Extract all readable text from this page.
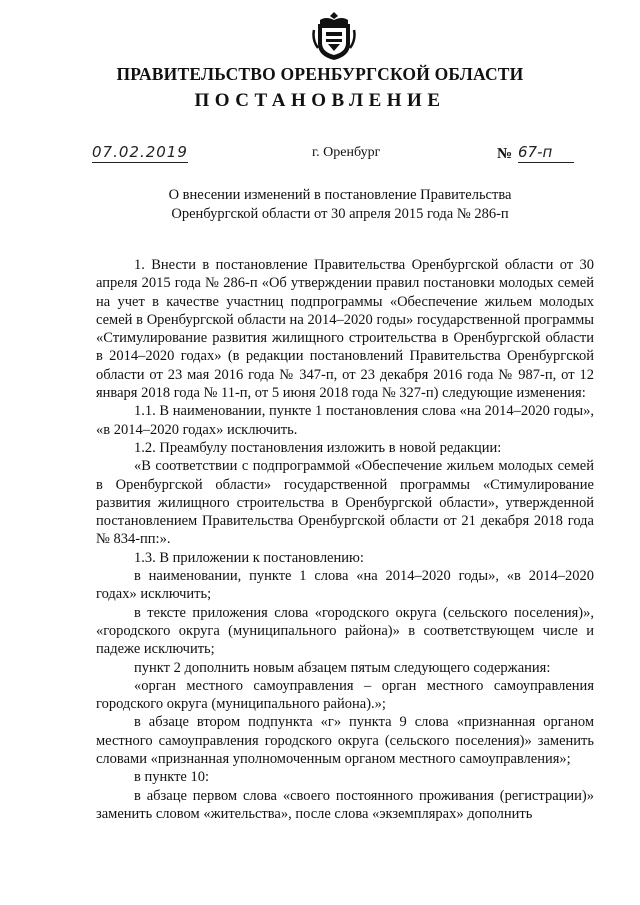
ПРАВИТЕЛЬСТВО ОРЕНБУРГСКОЙ ОБЛАСТИ
ПОСТАНОВЛЕНИЕ
07.02.2019	г. Оренбург	№ 67-п
О внесении изменений в постановление Правительства
Оренбургской области от 30 апреля 2015 года № 286-п

1. Внести в постановление Правительства Оренбургской области от 30 апреля 2015 года № 286-п «Об утверждении правил постановки молодых семей на учет в качестве участниц подпрограммы «Обеспечение жильем молодых семей в Оренбургской области на 2014–2020 годы» государственной программы «Стимулирование развития жилищного строительства в Оренбургской области в 2014–2020 годах» (в редакции постановлений Правительства Оренбургской области от 23 мая 2016 года № 347-п, от 23 декабря 2016 года № 987-п, от 12 января 2018 года № 11-п, от 5 июня 2018 года № 327-п) следующие изменения:

1.1. В наименовании, пункте 1 постановления слова «на 2014–2020 годы», «в 2014–2020 годах» исключить.

1.2. Преамбулу постановления изложить в новой редакции:

«В соответствии с подпрограммой «Обеспечение жильем молодых семей в Оренбургской области» государственной программы «Стимулирование развития жилищного строительства в Оренбургской области», утвержденной постановлением Правительства Оренбургской области от 21 декабря 2018 года № 834-пп:».

1.3. В приложении к постановлению:

в наименовании, пункте 1 слова «на 2014–2020 годы», «в 2014–2020 годах» исключить;

в тексте приложения слова «городского округа (сельского поселения)», «городского округа (муниципального района)» в соответствующем числе и падеже исключить;

пункт 2 дополнить новым абзацем пятым следующего содержания:

«орган местного самоуправления – орган местного самоуправления городского округа (муниципального района).»;

в абзаце втором подпункта «г» пункта 9 слова «признанная органом местного самоуправления городского округа (сельского поселения)» заменить словами «признанная уполномоченным органом местного самоуправления»;

в пункте 10:

в абзаце первом слова «своего постоянного проживания (регистрации)» заменить словом «жительства», после слова «экземплярах» дополнить
